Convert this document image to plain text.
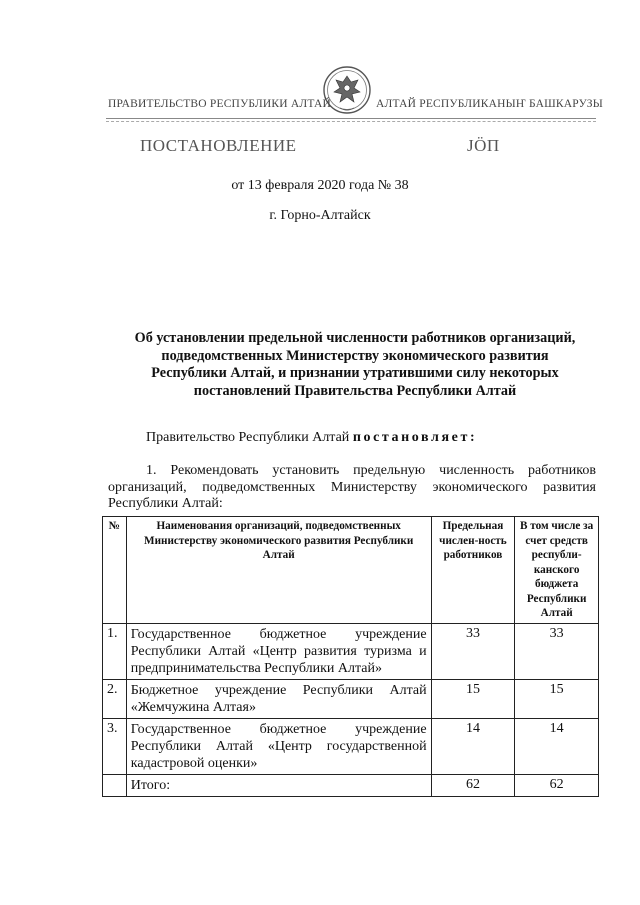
ПРАВИТЕЛЬСТВО РЕСПУБЛИКИ АЛТАЙ	АЛТАЙ РЕСПУБЛИКАНЫҤ БАШКАРУЗЫ
ПОСТАНОВЛЕНИЕ	ЈӦП
от 13 февраля 2020 года № 38
г. Горно-Алтайск
Об установлении предельной численности работников организаций,
подведомственных Министерству экономического развития
Республики Алтай, и признании утратившими силу некоторых
постановлений Правительства Республики Алтай
Правительство Республики Алтай постановляет:
1. Рекомендовать установить предельную численность работников организаций, подведомственных Министерству экономического развития Республики Алтай:
№	Наименования организаций, подведомственных Министерству экономического развития Республики Алтай	Предельная числен-ность работников	В том числе за счет средств республи-канского бюджета Республики Алтай
1.	Государственное бюджетное учреждение Республики Алтай «Центр развития туризма и предпринимательства Республики Алтай»	33	33
2.	Бюджетное учреждение Республики Алтай «Жемчужина Алтая»	15	15
3.	Государственное бюджетное учреждение Республики Алтай «Центр государственной кадастровой оценки»	14	14
	Итого:	62	62
